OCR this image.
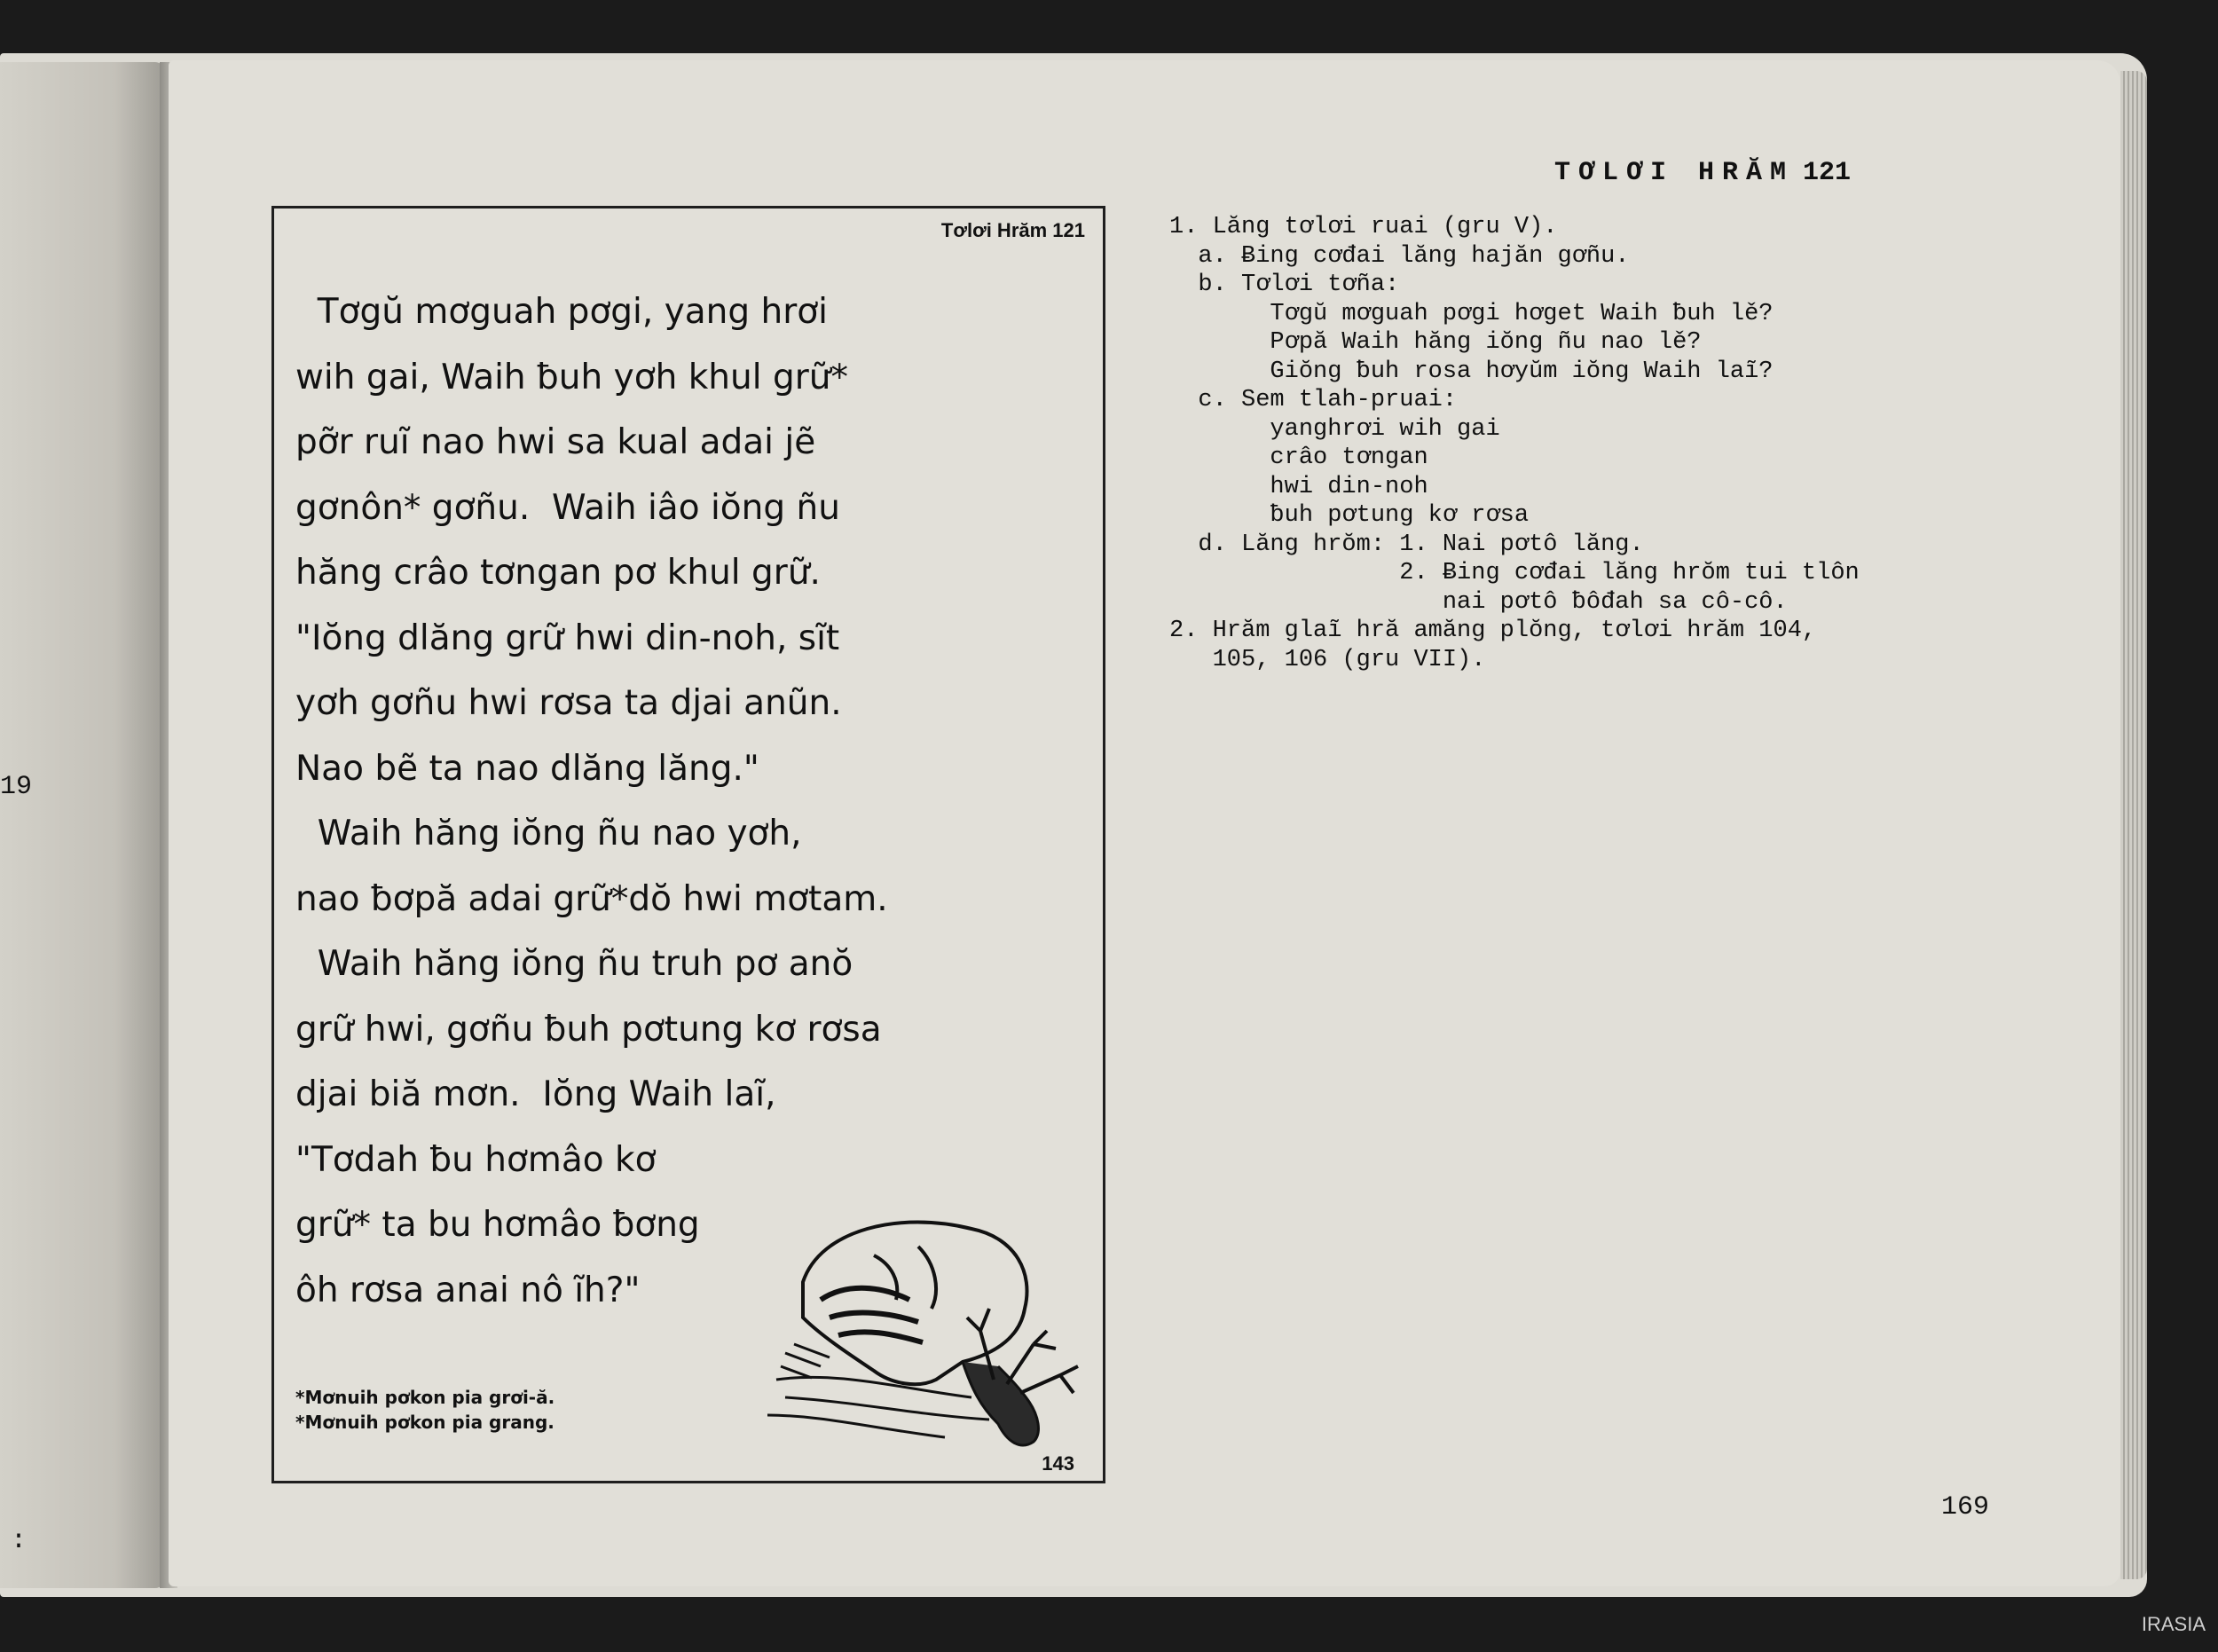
19
:
Tơlơi Hrăm 121
Tơgŭ mơguah pơgi, yang hrơi
wih gai, Waih ƀuh yơh khul grữ*
pỡr ruĩ nao hwi sa kual adai jẽ
gơnôn* gơñu.  Waih iâo iŏng ñu
hăng crâo tơngan pơ khul grữ.
"Iŏng dlăng grữ hwi din-noh, sĩt
yơh gơñu hwi rơsa ta djai anũn.
Nao bẽ ta nao dlăng lăng."
Waih hăng iŏng ñu nao yơh,
nao ƀơpă adai grữ*dŏ hwi mơtam.
Waih hăng iŏng ñu truh pơ anŏ
grữ hwi, gơñu ƀuh pơtung kơ rơsa
djai biă mơn.  Iŏng Waih laĩ,
"Tơdah ƀu hơmâo kơ
grữ* ta bu hơmâo ƀơng
ôh rơsa anai nô ĩh?"
*Mơnuih pơkon pia grơi-ă.
*Mơnuih pơkon pia grang.
143
TƠLƠI HRĂM 121
1. Lăng tơlơi ruai (gru V).
a. Ƀing cơđai lăng hajăn gơñu.
b. Tơlơi tơña:
Tơgŭ mơguah pơgi hơget Waih ƀuh lě?
Pơpă Waih hăng iŏng ñu nao lě?
Giŏng ƀuh rosa hơyŭm iŏng Waih laĩ?
c. Sem tlah-pruai:
yanghrơi wih gai
crâo tơngan
hwi din-noh
ƀuh pơtung kơ rơsa
d. Lăng hrŏm: 1. Nai pơtô lăng.
2. Ƀing cơđai lăng hrŏm tui tlôn
nai pơtô ƀôđah sa cô-cô.
2. Hrăm glaĩ hră amăng plŏng, tơlơi hrăm 104,
105, 106 (gru VII).
169
IRASIA
